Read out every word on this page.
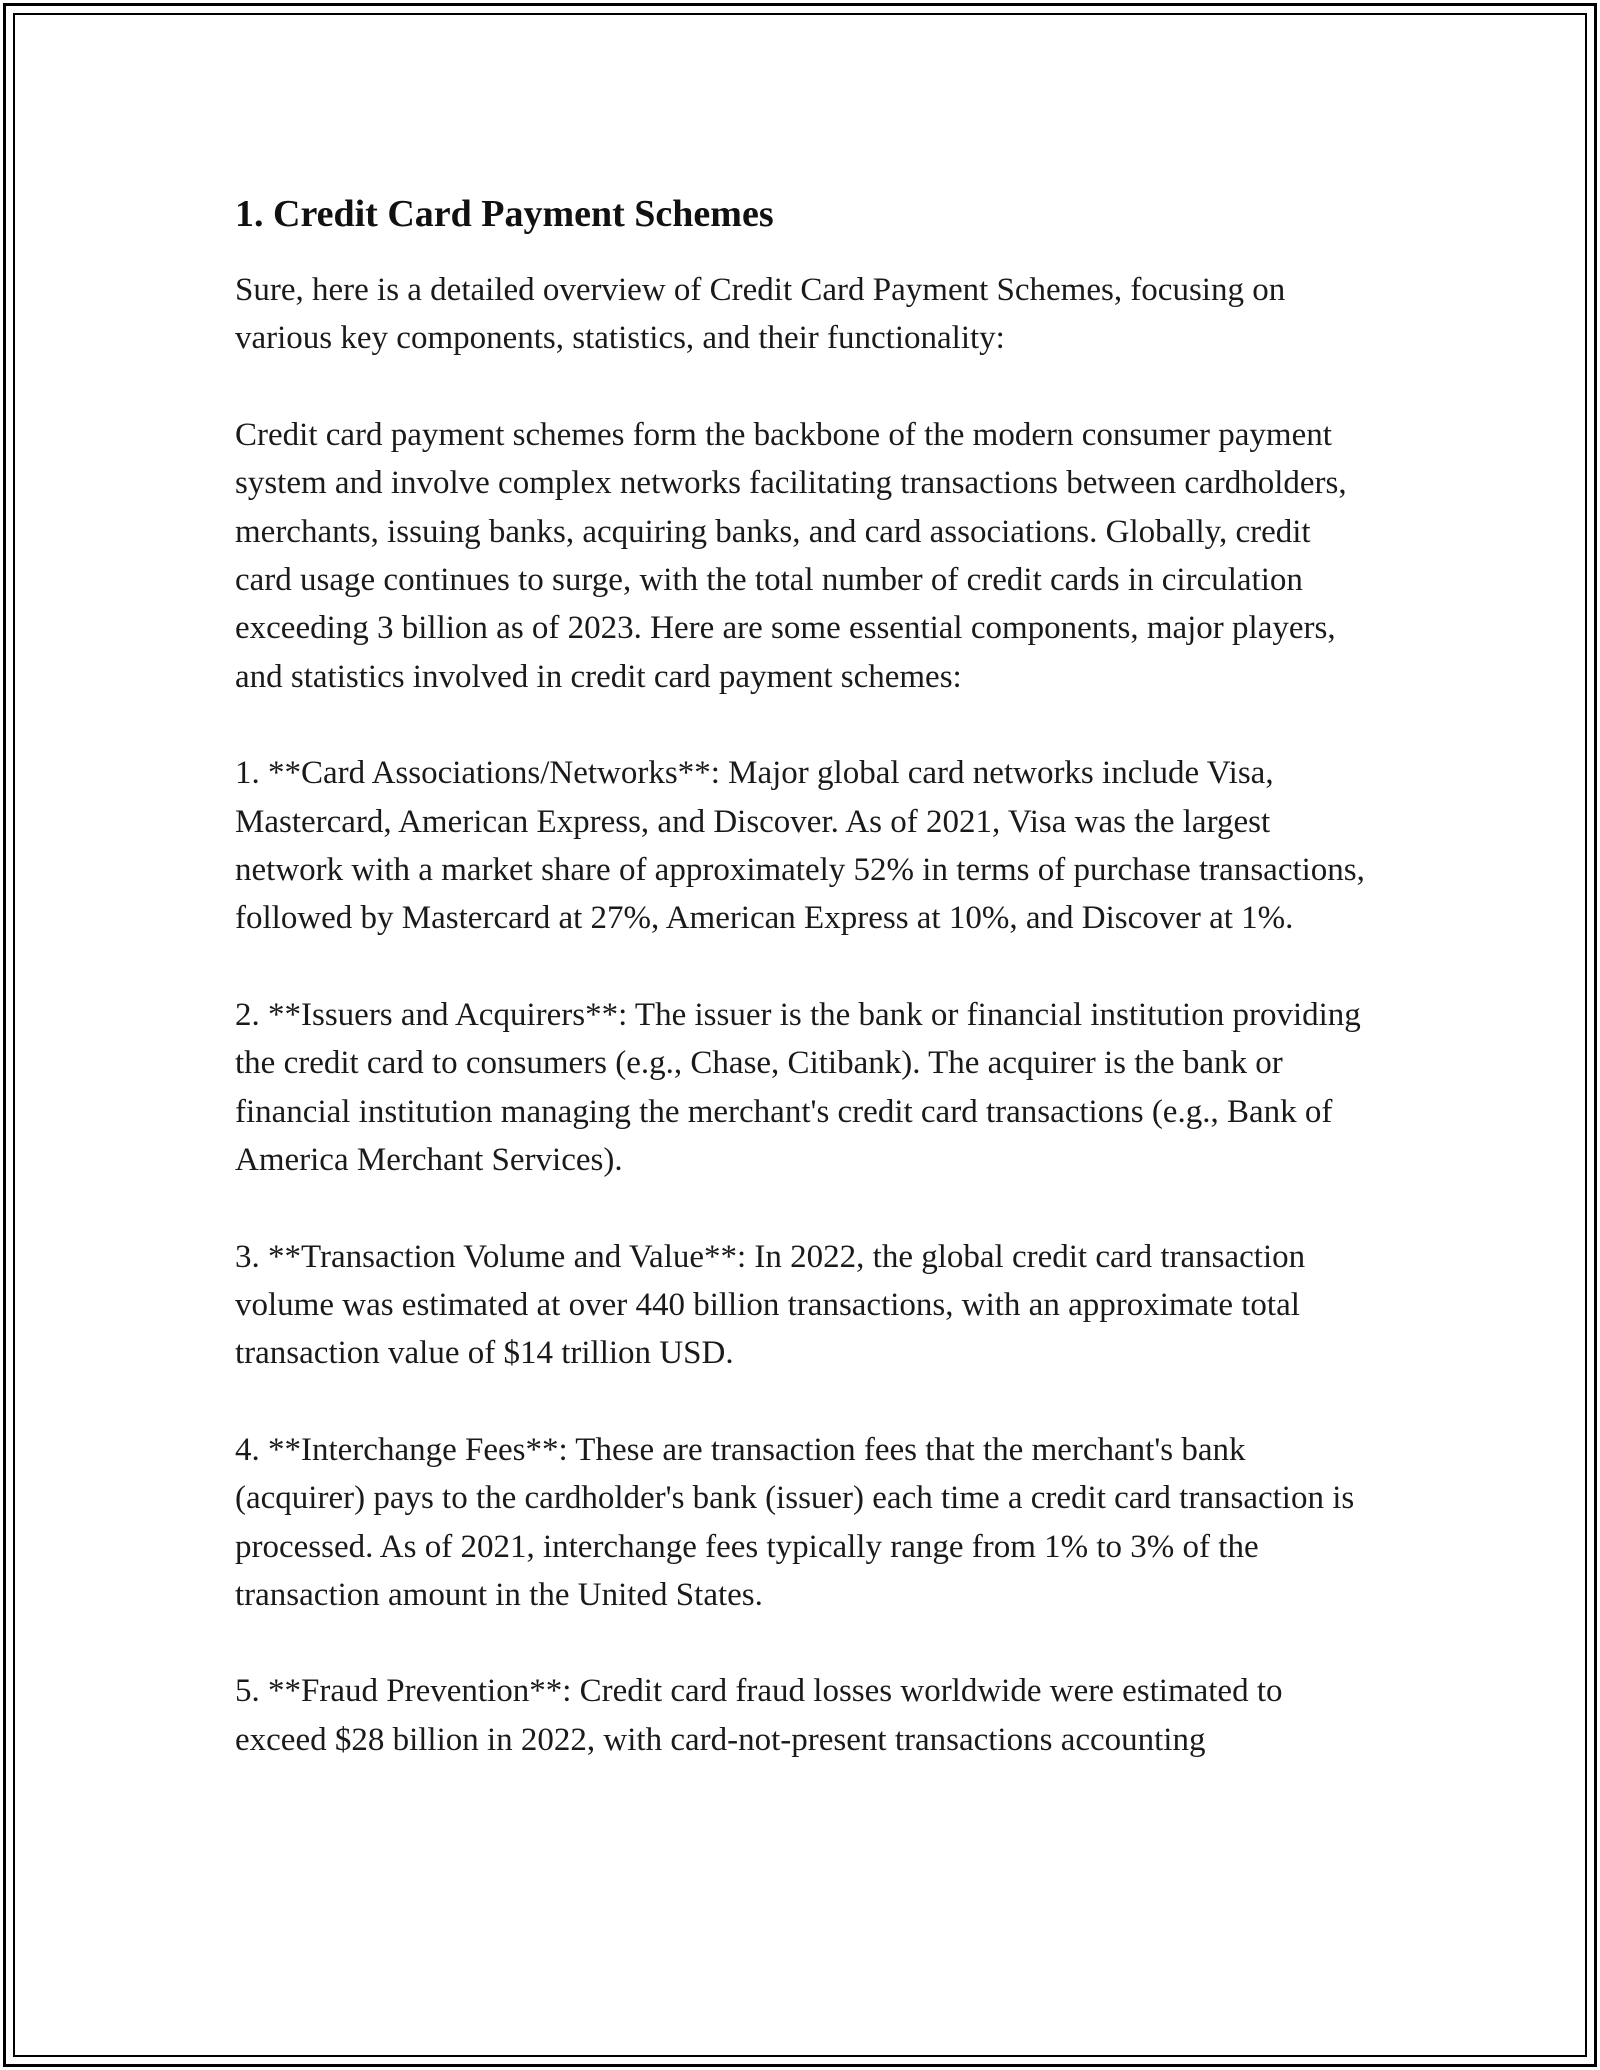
1. Credit Card Payment Schemes

Sure, here is a detailed overview of Credit Card Payment Schemes, focusing on various key components, statistics, and their functionality:

Credit card payment schemes form the backbone of the modern consumer payment system and involve complex networks facilitating transactions between cardholders, merchants, issuing banks, acquiring banks, and card associations. Globally, credit card usage continues to surge, with the total number of credit cards in circulation exceeding 3 billion as of 2023. Here are some essential components, major players, and statistics involved in credit card payment schemes:

1. **Card Associations/Networks**: Major global card networks include Visa, Mastercard, American Express, and Discover. As of 2021, Visa was the largest network with a market share of approximately 52% in terms of purchase transactions, followed by Mastercard at 27%, American Express at 10%, and Discover at 1%.

2. **Issuers and Acquirers**: The issuer is the bank or financial institution providing the credit card to consumers (e.g., Chase, Citibank). The acquirer is the bank or financial institution managing the merchant's credit card transactions (e.g., Bank of America Merchant Services).

3. **Transaction Volume and Value**: In 2022, the global credit card transaction volume was estimated at over 440 billion transactions, with an approximate total transaction value of $14 trillion USD.

4. **Interchange Fees**: These are transaction fees that the merchant's bank (acquirer) pays to the cardholder's bank (issuer) each time a credit card transaction is processed. As of 2021, interchange fees typically range from 1% to 3% of the transaction amount in the United States.

5. **Fraud Prevention**: Credit card fraud losses worldwide were estimated to exceed $28 billion in 2022, with card-not-present transactions accounting
